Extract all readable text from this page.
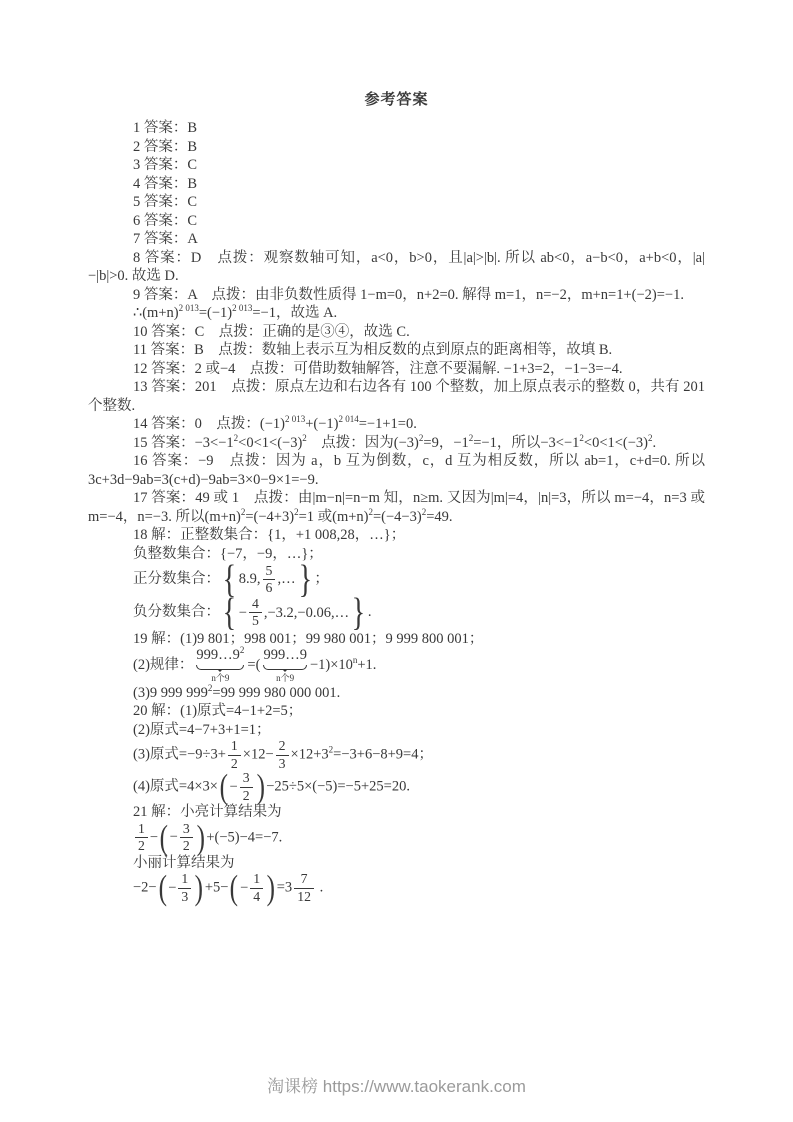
参考答案

1 答案：B

2 答案：B

3 答案：C

4 答案：B

5 答案：C

6 答案：C

7 答案：A

8 答案：D　点拨：观察数轴可知，a<0，b>0，且|a|>|b|. 所以 ab<0，a−b<0，a+b<0，|a|−|b|>0. 故选 D.

9 答案：A　点拨：由非负数性质得 1−m=0，n+2=0. 解得 m=1，n=−2，m+n=1+(−2)=−1.

$\therefore(m+n)^{2 013}=(-1)^{2 013}=-1$，故选 A.

10 答案：C　点拨：正确的是③④，故选 C.

11 答案：B　点拨：数轴上表示互为相反数的点到原点的距离相等，故填 B.

12 答案：2 或−4　点拨：可借助数轴解答，注意不要漏解. −1+3=2，−1−3=−4.

13 答案：201　点拨：原点左边和右边各有 100 个整数，加上原点表示的整数 0，共有 201 个整数.

14 答案：0　点拨：$(-1)^{2 013}+(-1)^{2 014}=-1+1=0$.

15 答案：$-3<-1^2<0<1<(-3)^2$　点拨：因为$(-3)^2=9$，$-1^2=-1$，所以$-3<-1^2<0<1<(-3)^2$.

16 答案：−9　点拨：因为 a，b 互为倒数，c，d 互为相反数，所以 ab=1，c+d=0. 所以 3c+3d−9ab=3(c+d)−9ab=3×0−9×1=−9.

17 答案：49 或 1　点拨：由|m−n|=n−m 知，n≥m. 又因为|m|=4，|n|=3，所以 m=−4，n=3 或 m=−4，n=−3. 所以$(m+n)^2=(-4+3)^2=1$ 或$(m+n)^2=(-4-3)^2=49$.

18 解：正整数集合：{1，+1 008,28，…}；

负整数集合：{−7，−9，…}；

正分数集合： { 8.9, $\frac{5}{6}$ ,… } ；

负分数集合： { − $\frac{4}{5}$ ,−3.2,−0.06,… } .

19 解：(1)9 801；998 001；99 980 001；9 999 800 001；

(2)规律：
$999\dots 9^2$
n个9
=(
999…9
n个9
$-1)\times 10^n+1$.

(3)9 999 $999^2=99$ 999 980 000 001.

20 解：(1)原式=4−1+2=5；

(2)原式=4−7+3+1=1；

(3)原式$=-9\div 3+ \frac{1}{2} \times 12- \frac{2}{3} \times 12+3^2=-3+6-8+9=4$；

(4)原式=4×3× ( − $\frac{3}{2}$ ) −25÷5×(−5)=−5+25=20.

21 解：小亮计算结果为

$\frac{1}{2}$ − ( − $\frac{3}{2}$ ) +(−5)−4=−7.

小丽计算结果为

−2− ( − $\frac{1}{3}$ ) +5− ( − $\frac{1}{4}$ ) $=3 \frac{7}{12}$ .

淘课榜 https://www.taokerank.com
